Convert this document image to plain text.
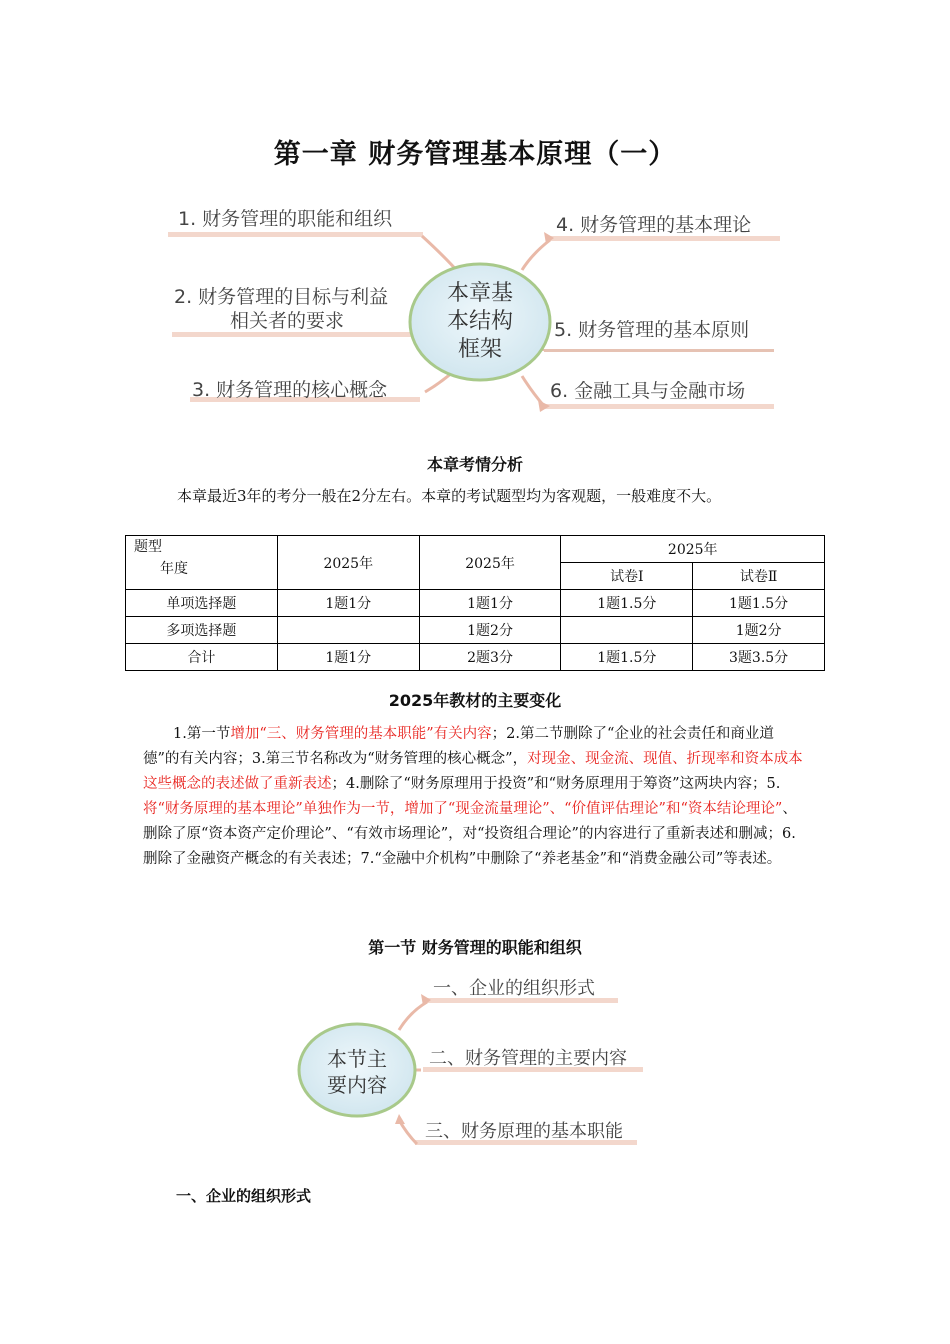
第一章 财务管理基本原理（一）
1. 财务管理的职能和组织
2. 财务管理的目标与利益
相关者的要求
3. 财务管理的核心概念
4. 财务管理的基本理论
5. 财务管理的基本原则
6. 金融工具与金融市场
本章基
本结构
框架
本章考情分析
本章最近3年的考分一般在2分左右。本章的考试题型均为客观题，一般难度不大。
题型
年度	2025年	2025年	2025年	
			试卷Ⅰ	试卷Ⅱ
单项选择题	1题1分	1题1分	1题1.5分	1题1.5分
多项选择题		1题2分		1题2分
合计	1题1分	2题3分	1题1.5分	3题3.5分
2025年教材的主要变化
1.第一节增加“三、财务管理的基本职能”有关内容；2.第二节删除了“企业的社会责任和商业道德”的有关内容；3.第三节名称改为“财务管理的核心概念”，对现金、现金流、现值、折现率和资本成本这些概念的表述做了重新表述；4.删除了“财务原理用于投资”和“财务原理用于筹资”这两块内容；5.将“财务原理的基本理论”单独作为一节，增加了“现金流量理论”、“价值评估理论”和“资本结论理论”、删除了原“资本资产定价理论”、“有效市场理论”，对“投资组合理论”的内容进行了重新表述和删减；6.删除了金融资产概念的有关表述；7.“金融中介机构”中删除了“养老基金”和“消费金融公司”等表述。
第一节 财务管理的职能和组织
一、企业的组织形式
二、财务管理的主要内容
三、财务原理的基本职能
本节主
要内容
一、企业的组织形式
